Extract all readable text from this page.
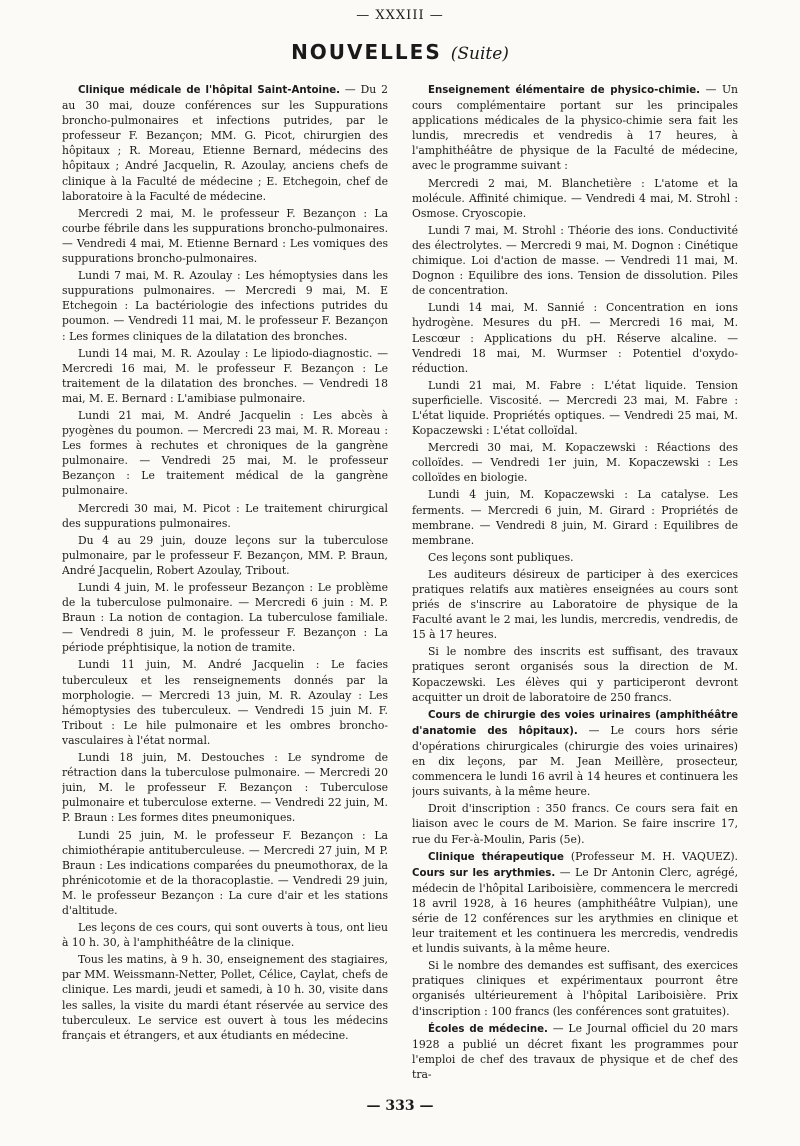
— XXXIII —
NOUVELLES (Suite)

Clinique médicale de l'hôpital Saint-Antoine. — Du 2 au 30 mai, douze conférences sur les Suppurations broncho-pulmonaires et infections putrides, par le professeur F. Bezançon; MM. G. Picot, chirurgien des hôpitaux ; R. Moreau, Etienne Bernard, médecins des hôpitaux ; André Jacquelin, R. Azoulay, anciens chefs de clinique à la Faculté de médecine ; E. Etchegoin, chef de laboratoire à la Faculté de médecine.

Mercredi 2 mai, M. le professeur F. Bezançon : La courbe fébrile dans les suppurations broncho-pulmonaires. — Vendredi 4 mai, M. Etienne Bernard : Les vomiques des suppurations broncho-pulmonaires.

Lundi 7 mai, M. R. Azoulay : Les hémoptysies dans les suppurations pulmonaires. — Mercredi 9 mai, M. E Etchegoin : La bactériologie des infections putrides du poumon. — Vendredi 11 mai, M. le professeur F. Bezançon : Les formes cliniques de la dilatation des bronches.

Lundi 14 mai, M. R. Azoulay : Le lipiodo-diagnostic. — Mercredi 16 mai, M. le professeur F. Bezançon : Le traitement de la dilatation des bronches. — Vendredi 18 mai, M. E. Bernard : L'amibiase pulmonaire.

Lundi 21 mai, M. André Jacquelin : Les abcès à pyogènes du poumon. — Mercredi 23 mai, M. R. Moreau : Les formes à rechutes et chroniques de la gangrène pulmonaire. — Vendredi 25 mai, M. le professeur Bezançon : Le traitement médical de la gangrène pulmonaire.

Mercredi 30 mai, M. Picot : Le traitement chirurgical des suppurations pulmonaires.

Du 4 au 29 juin, douze leçons sur la tuberculose pulmonaire, par le professeur F. Bezançon, MM. P. Braun, André Jacquelin, Robert Azoulay, Tribout.

Lundi 4 juin, M. le professeur Bezançon : Le problème de la tuberculose pulmonaire. — Mercredi 6 juin : M. P. Braun : La notion de contagion. La tuberculose familiale. — Vendredi 8 juin, M. le professeur F. Bezançon : La période préphtisique, la notion de tramite.

Lundi 11 juin, M. André Jacquelin : Le facies tuberculeux et les renseignements donnés par la morphologie. — Mercredi 13 juin, M. R. Azoulay : Les hémoptysies des tuberculeux. — Vendredi 15 juin M. F. Tribout : Le hile pulmonaire et les ombres broncho-vasculaires à l'état normal.

Lundi 18 juin, M. Destouches : Le syndrome de rétraction dans la tuberculose pulmonaire. — Mercredi 20 juin, M. le professeur F. Bezançon : Tuberculose pulmonaire et tuberculose externe. — Vendredi 22 juin, M. P. Braun : Les formes dites pneumoniques.

Lundi 25 juin, M. le professeur F. Bezançon : La chimiothérapie antituberculeuse. — Mercredi 27 juin, M P. Braun : Les indications comparées du pneumothorax, de la phrénicotomie et de la thoracoplastie. — Vendredi 29 juin, M. le professeur Bezançon : La cure d'air et les stations d'altitude.

Les leçons de ces cours, qui sont ouverts à tous, ont lieu à 10 h. 30, à l'amphithéâtre de la clinique.

Tous les matins, à 9 h. 30, enseignement des stagiaires, par MM. Weissmann-Netter, Pollet, Célice, Caylat, chefs de clinique. Les mardi, jeudi et samedi, à 10 h. 30, visite dans les salles, la visite du mardi étant réservée au service des tuberculeux. Le service est ouvert à tous les médecins français et étrangers, et aux étudiants en médecine.

Enseignement élémentaire de physico-chimie. — Un cours complémentaire portant sur les principales applications médicales de la physico-chimie sera fait les lundis, mrecredis et vendredis à 17 heures, à l'amphithéâtre de physique de la Faculté de médecine, avec le programme suivant :

Mercredi 2 mai, M. Blanchetière : L'atome et la molécule. Affinité chimique. — Vendredi 4 mai, M. Strohl : Osmose. Cryoscopie.

Lundi 7 mai, M. Strohl : Théorie des ions. Conductivité des électrolytes. — Mercredi 9 mai, M. Dognon : Cinétique chimique. Loi d'action de masse. — Vendredi 11 mai, M. Dognon : Equilibre des ions. Tension de dissolution. Piles de concentration.

Lundi 14 mai, M. Sannié : Concentration en ions hydrogène. Mesures du pH. — Mercredi 16 mai, M. Lescœur : Applications du pH. Réserve alcaline. — Vendredi 18 mai, M. Wurmser : Potentiel d'oxydo-réduction.

Lundi 21 mai, M. Fabre : L'état liquide. Tension superficielle. Viscosité. — Mercredi 23 mai, M. Fabre : L'état liquide. Propriétés optiques. — Vendredi 25 mai, M. Kopaczewski : L'état colloïdal.

Mercredi 30 mai, M. Kopaczewski : Réactions des colloïdes. — Vendredi 1er juin, M. Kopaczewski : Les colloïdes en biologie.

Lundi 4 juin, M. Kopaczewski : La catalyse. Les ferments. — Mercredi 6 juin, M. Girard : Propriétés de membrane. — Vendredi 8 juin, M. Girard : Equilibres de membrane.

Ces leçons sont publiques.

Les auditeurs désireux de participer à des exercices pratiques relatifs aux matières enseignées au cours sont priés de s'inscrire au Laboratoire de physique de la Faculté avant le 2 mai, les lundis, mercredis, vendredis, de 15 à 17 heures.

Si le nombre des inscrits est suffisant, des travaux pratiques seront organisés sous la direction de M. Kopaczewski. Les élèves qui y participeront devront acquitter un droit de laboratoire de 250 francs.

Cours de chirurgie des voies urinaires (amphithéâtre d'anatomie des hôpitaux). — Le cours hors série d'opérations chirurgicales (chirurgie des voies urinaires) en dix leçons, par M. Jean Meillère, prosecteur, commencera le lundi 16 avril à 14 heures et continuera les jours suivants, à la même heure.

Droit d'inscription : 350 francs. Ce cours sera fait en liaison avec le cours de M. Marion. Se faire inscrire 17, rue du Fer-à-Moulin, Paris (5e).

Clinique thérapeutique (Professeur M. H. VAQUEZ). Cours sur les arythmies. — Le Dr Antonin Clerc, agrégé, médecin de l'hôpital Lariboisière, commencera le mercredi 18 avril 1928, à 16 heures (amphithéâtre Vulpian), une série de 12 conférences sur les arythmies en clinique et leur traitement et les continuera les mercredis, vendredis et lundis suivants, à la même heure.

Si le nombre des demandes est suffisant, des exercices pratiques cliniques et expérimentaux pourront être organisés ultérieurement à l'hôpital Lariboisière. Prix d'inscription : 100 francs (les conférences sont gratuites).

Écoles de médecine. — Le Journal officiel du 20 mars 1928 a publié un décret fixant les programmes pour l'emploi de chef des travaux de physique et de chef des tra-

— 333 —
